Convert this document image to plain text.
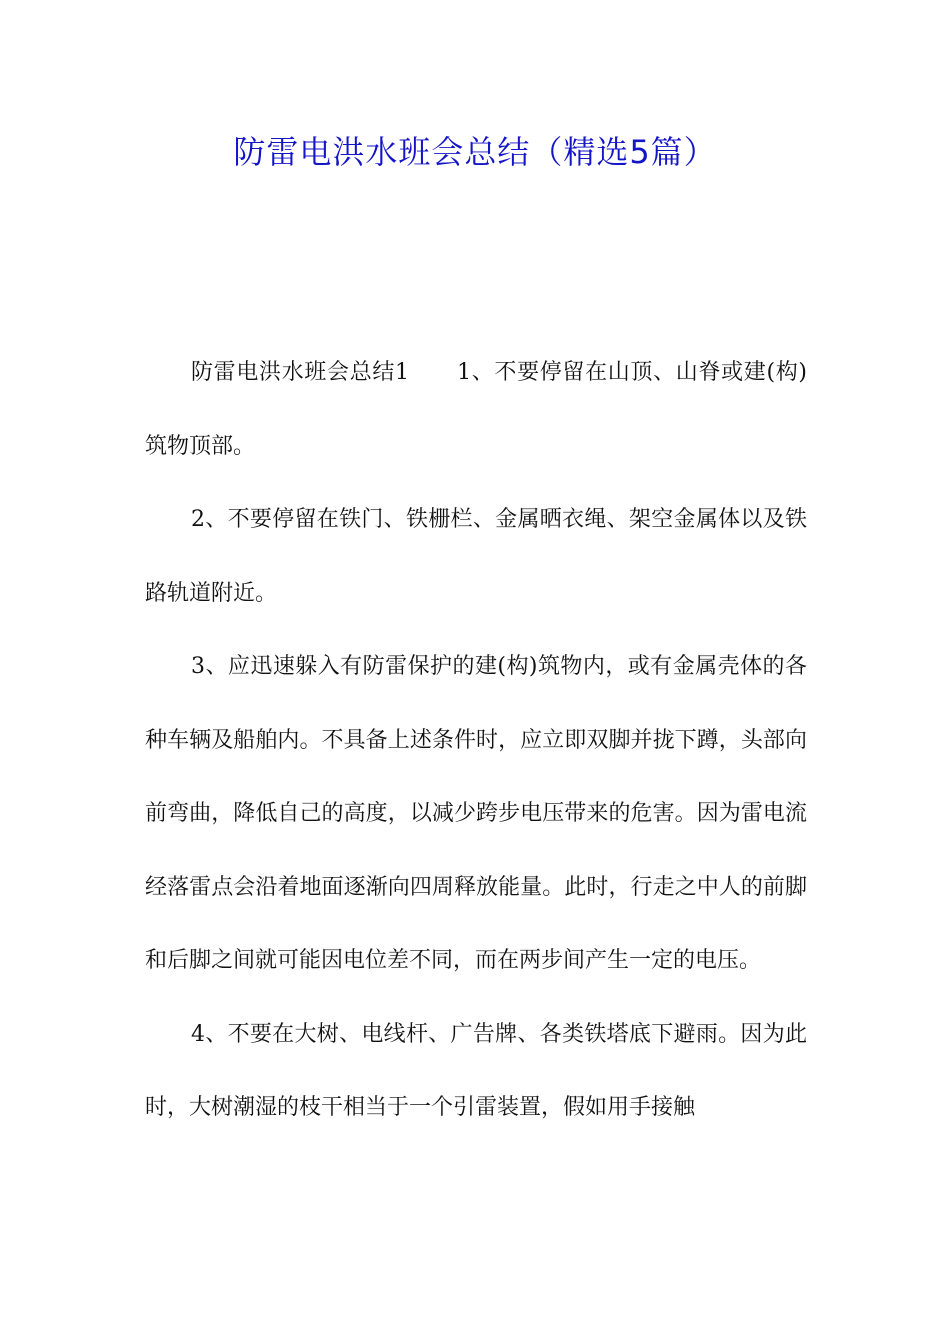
防雷电洪水班会总结（精选5篇）

防雷电洪水班会总结1 1、不要停留在山顶、山脊或建(构)筑物顶部。

2、不要停留在铁门、铁栅栏、金属晒衣绳、架空金属体以及铁路轨道附近。

3、应迅速躲入有防雷保护的建(构)筑物内，或有金属壳体的各种车辆及船舶内。不具备上述条件时，应立即双脚并拢下蹲，头部向前弯曲，降低自己的高度，以减少跨步电压带来的危害。因为雷电流经落雷点会沿着地面逐渐向四周释放能量。此时，行走之中人的前脚和后脚之间就可能因电位差不同，而在两步间产生一定的电压。

4、不要在大树、电线杆、广告牌、各类铁塔底下避雨。因为此时，大树潮湿的枝干相当于一个引雷装置，假如用手接触
